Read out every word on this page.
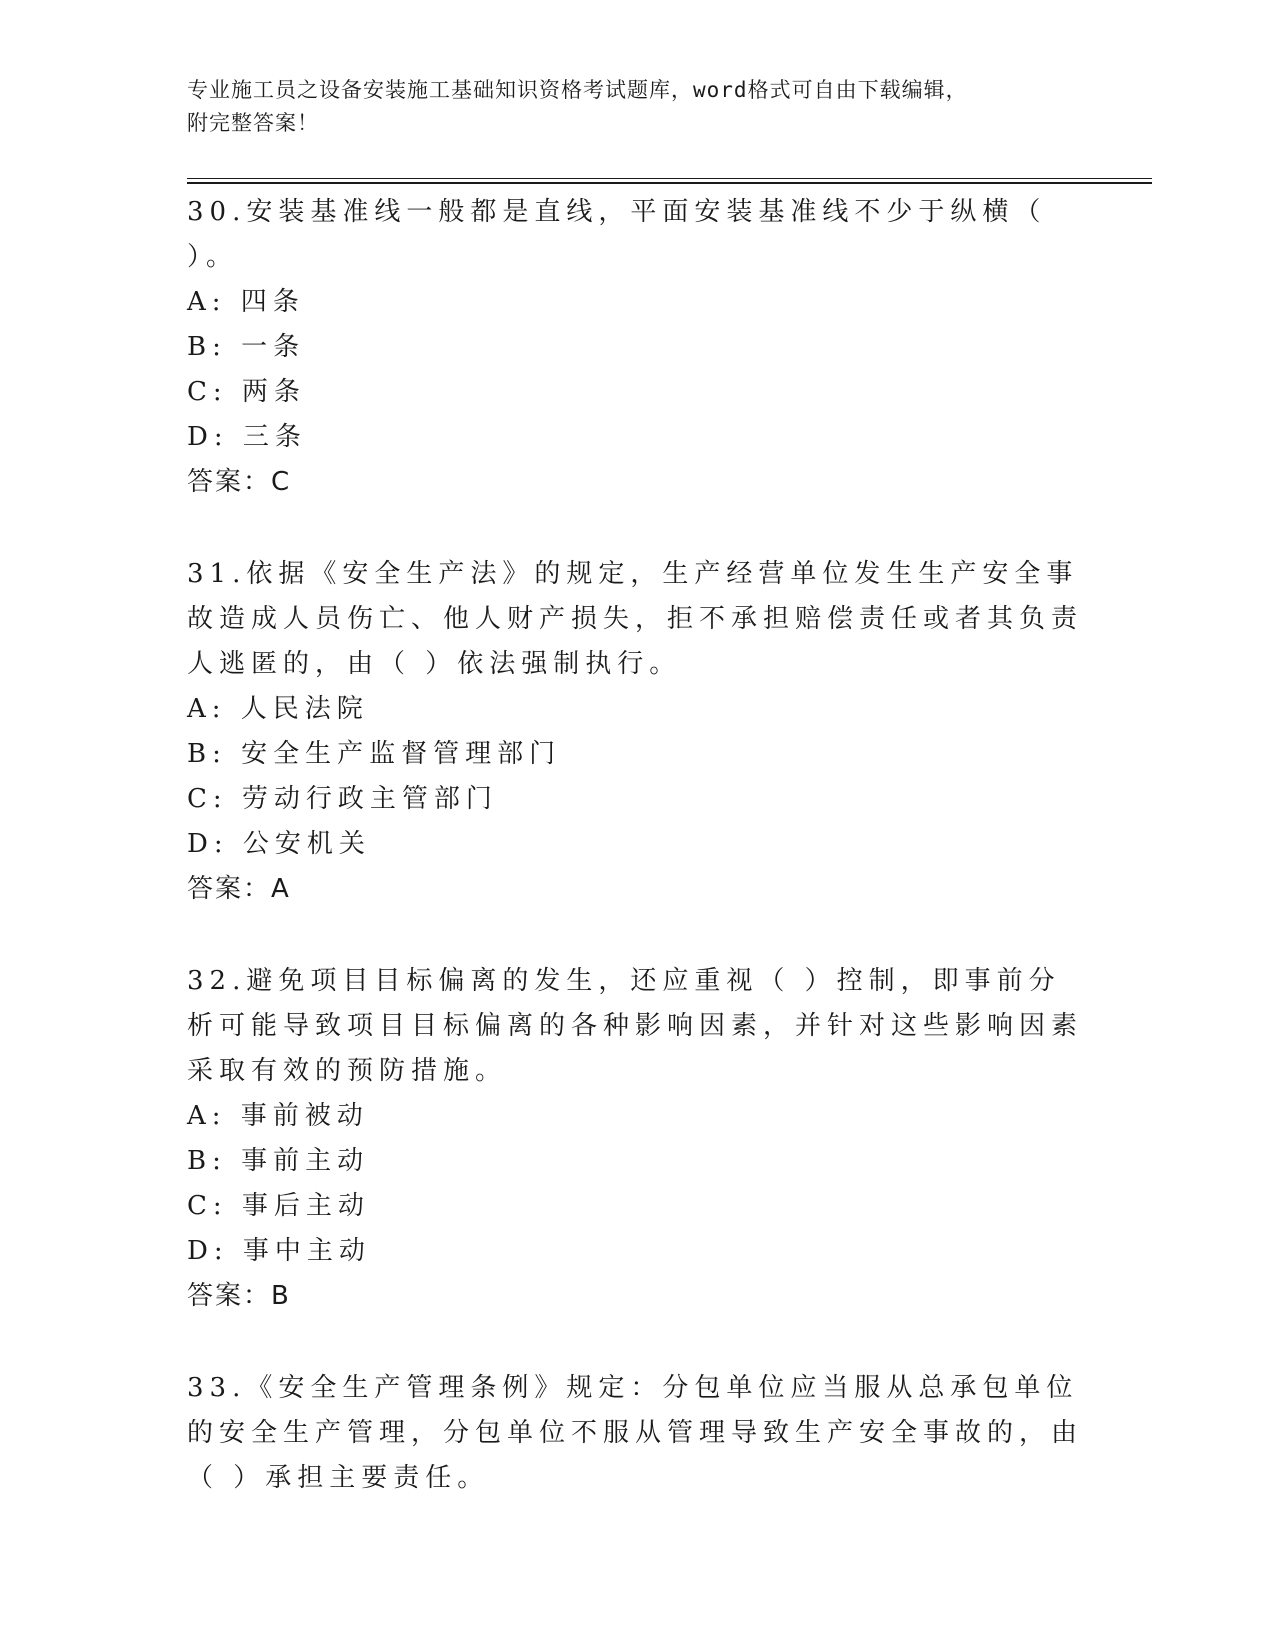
专业施工员之设备安装施工基础知识资格考试题库，word格式可自由下载编辑，
附完整答案！

30.安装基准线一般都是直线，平面安装基准线不少于纵横（ ）。

A: 四条
B: 一条
C: 两条
D: 三条

答案：C

31.依据《安全生产法》的规定，生产经营单位发生生产安全事故造成人员伤亡、他人财产损失，拒不承担赔偿责任或者其负责人逃匿的，由（ ）依法强制执行。

A: 人民法院
B: 安全生产监督管理部门
C: 劳动行政主管部门
D: 公安机关

答案：A

32.避免项目目标偏离的发生，还应重视（ ）控制，即事前分析可能导致项目目标偏离的各种影响因素，并针对这些影响因素采取有效的预防措施。

A: 事前被动
B: 事前主动
C: 事后主动
D: 事中主动

答案：B

33.《安全生产管理条例》规定：分包单位应当服从总承包单位的安全生产管理，分包单位不服从管理导致生产安全事故的，由（ ）承担主要责任。
